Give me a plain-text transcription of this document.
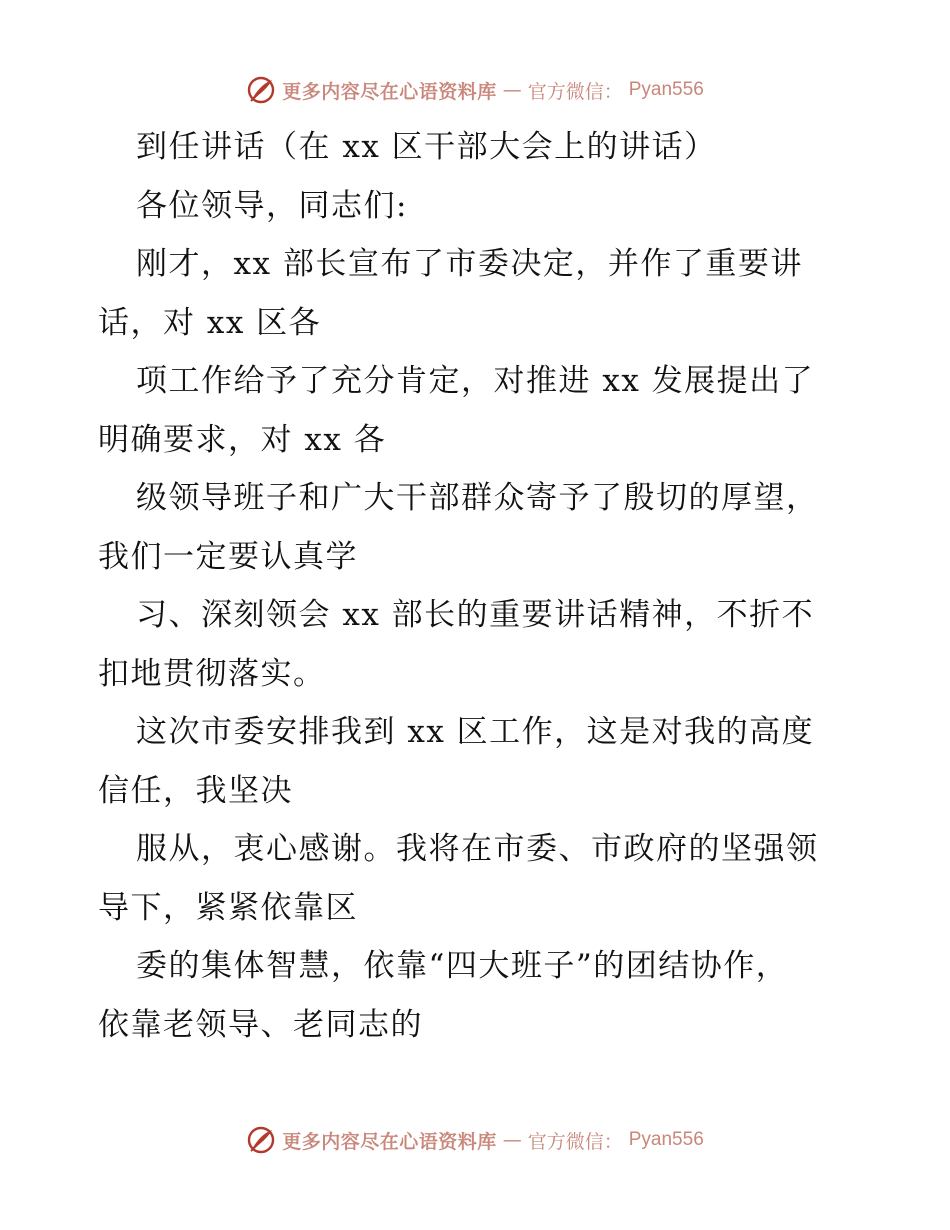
更多内容尽在心语资料库 — 官方微信： Pyan556
到任讲话（在 xx 区干部大会上的讲话）
各位领导，同志们:
刚才，xx 部长宣布了市委决定，并作了重要讲
话，对 xx 区各
项工作给予了充分肯定，对推进 xx 发展提出了
明确要求，对 xx 各
级领导班子和广大干部群众寄予了殷切的厚望，
我们一定要认真学
习、深刻领会 xx 部长的重要讲话精神，不折不
扣地贯彻落实。
这次市委安排我到 xx 区工作，这是对我的高度
信任，我坚决
服从，衷心感谢。我将在市委、市政府的坚强领
导下，紧紧依靠区
委的集体智慧，依靠“四大班子”的团结协作，
依靠老领导、老同志的
更多内容尽在心语资料库 — 官方微信： Pyan556
